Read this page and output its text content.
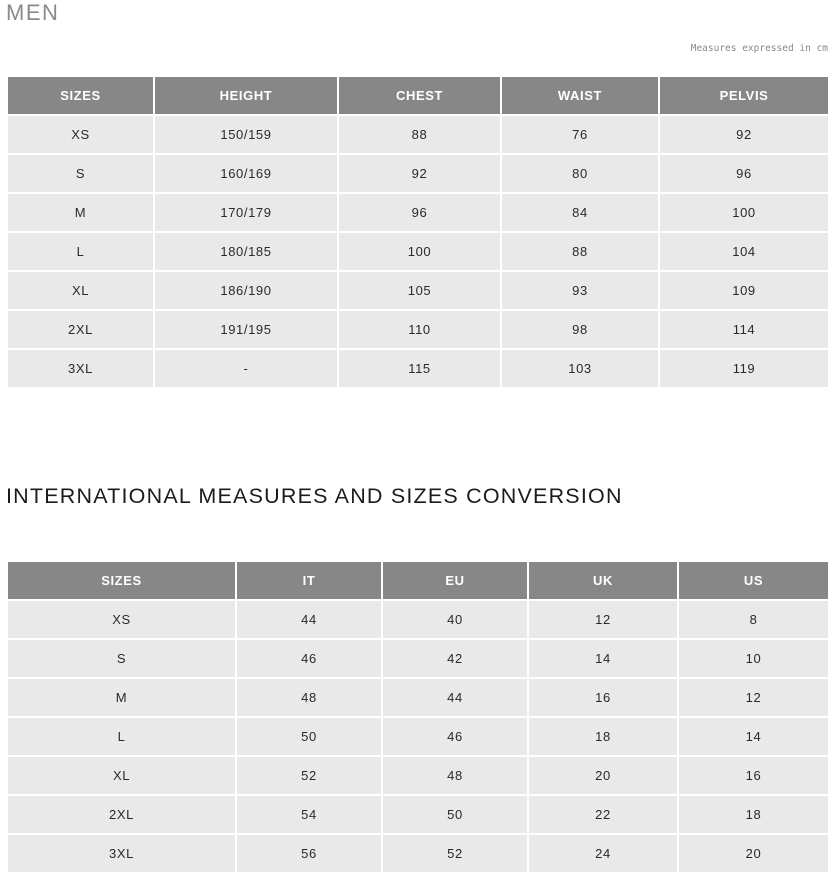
MEN
Measures expressed in cm
SIZES	HEIGHT	CHEST	WAIST	PELVIS
XS	150/159	88	76	92
S	160/169	92	80	96
M	170/179	96	84	100
L	180/185	100	88	104
XL	186/190	105	93	109
2XL	191/195	110	98	114
3XL	-	115	103	119
INTERNATIONAL MEASURES AND SIZES CONVERSION
SIZES	IT	EU	UK	US
XS	44	40	12	8
S	46	42	14	10
M	48	44	16	12
L	50	46	18	14
XL	52	48	20	16
2XL	54	50	22	18
3XL	56	52	24	20
